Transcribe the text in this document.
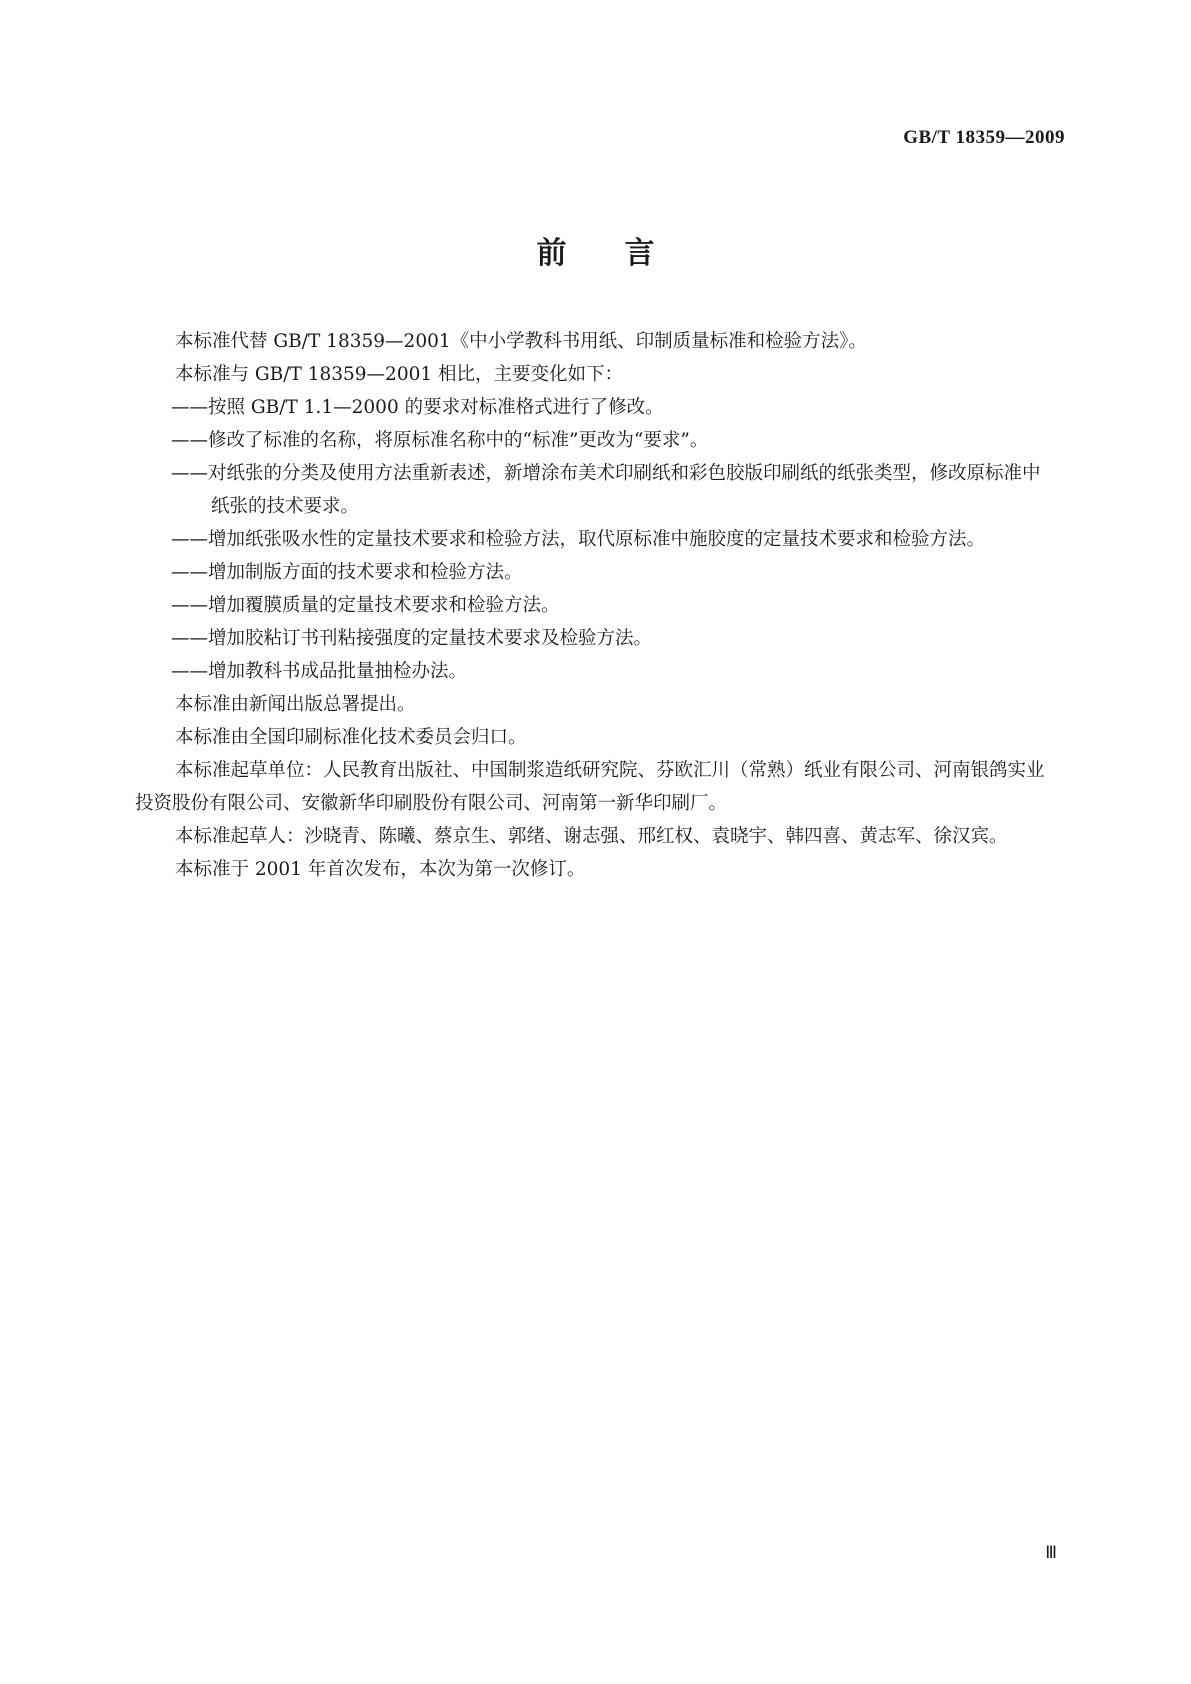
GB/T 18359—2009
前言

本标准代替 GB/T 18359—2001《中小学教科书用纸、印制质量标准和检验方法》。

本标准与 GB/T 18359—2001 相比，主要变化如下：

——按照 GB/T 1.1—2000 的要求对标准格式进行了修改。

——修改了标准的名称，将原标准名称中的“标准”更改为“要求”。

——对纸张的分类及使用方法重新表述，新增涂布美术印刷纸和彩色胶版印刷纸的纸张类型，修改原标准中纸张的技术要求。

——增加纸张吸水性的定量技术要求和检验方法，取代原标准中施胶度的定量技术要求和检验方法。

——增加制版方面的技术要求和检验方法。

——增加覆膜质量的定量技术要求和检验方法。

——增加胶粘订书刊粘接强度的定量技术要求及检验方法。

——增加教科书成品批量抽检办法。

本标准由新闻出版总署提出。

本标准由全国印刷标准化技术委员会归口。

本标准起草单位：人民教育出版社、中国制浆造纸研究院、芬欧汇川（常熟）纸业有限公司、河南银鸽实业投资股份有限公司、安徽新华印刷股份有限公司、河南第一新华印刷厂。

本标准起草人：沙晓青、陈曦、蔡京生、郭绪、谢志强、邢红权、袁晓宇、韩四喜、黄志军、徐汉宾。

本标准于 2001 年首次发布，本次为第一次修订。

Ⅲ
